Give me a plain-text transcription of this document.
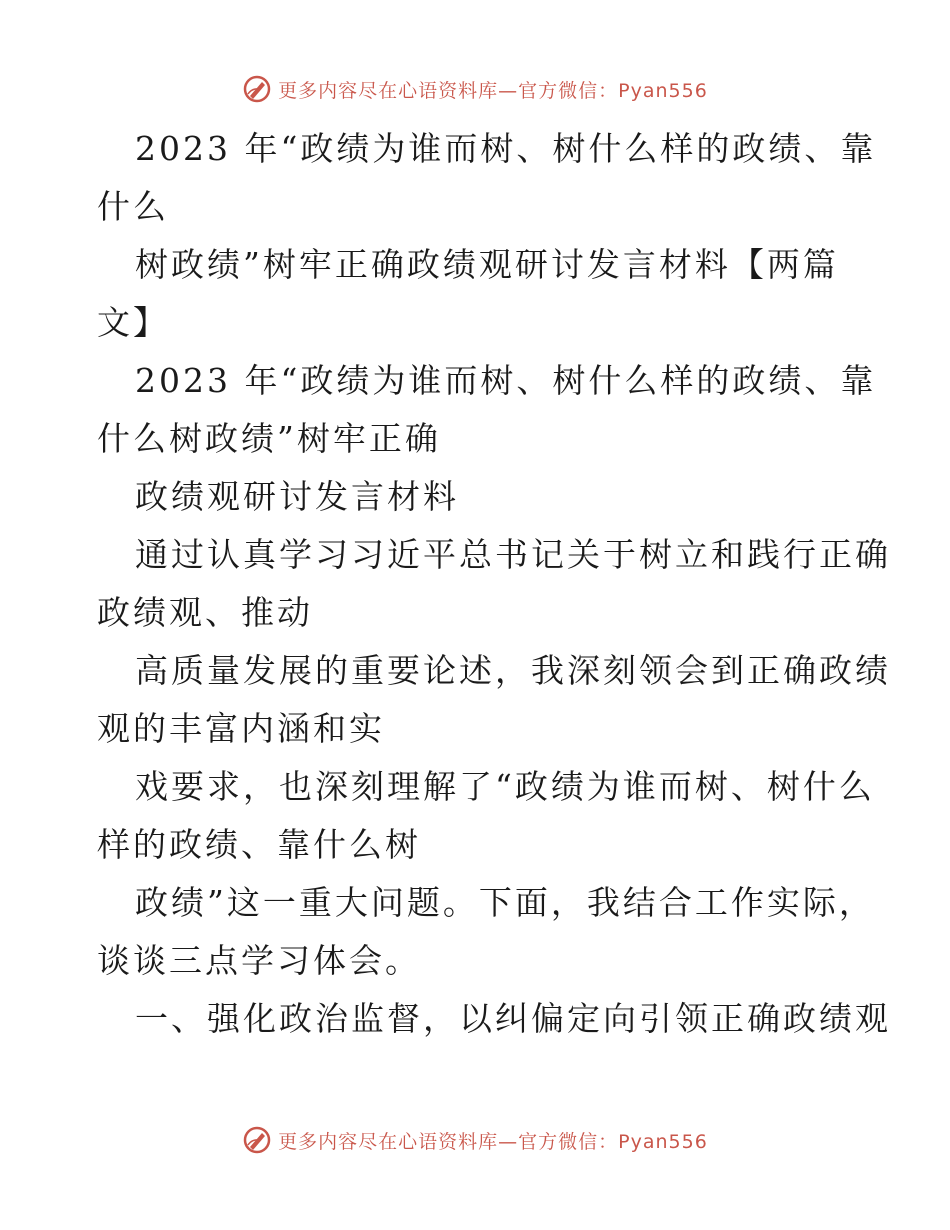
更多内容尽在心语资料库—官方微信：Pyan556
2023 年“政绩为谁而树、树什么样的政绩、靠
什么
树政绩”树牢正确政绩观研讨发言材料【两篇
文】
2023 年“政绩为谁而树、树什么样的政绩、靠
什么树政绩”树牢正确
政绩观研讨发言材料
通过认真学习习近平总书记关于树立和践行正确
政绩观、推动
高质量发展的重要论述，我深刻领会到正确政绩
观的丰富内涵和实
戏要求，也深刻理解了“政绩为谁而树、树什么
样的政绩、靠什么树
政绩”这一重大问题。下面，我结合工作实际，
谈谈三点学习体会。
一、强化政治监督，以纠偏定向引领正确政绩观
更多内容尽在心语资料库—官方微信：Pyan556
